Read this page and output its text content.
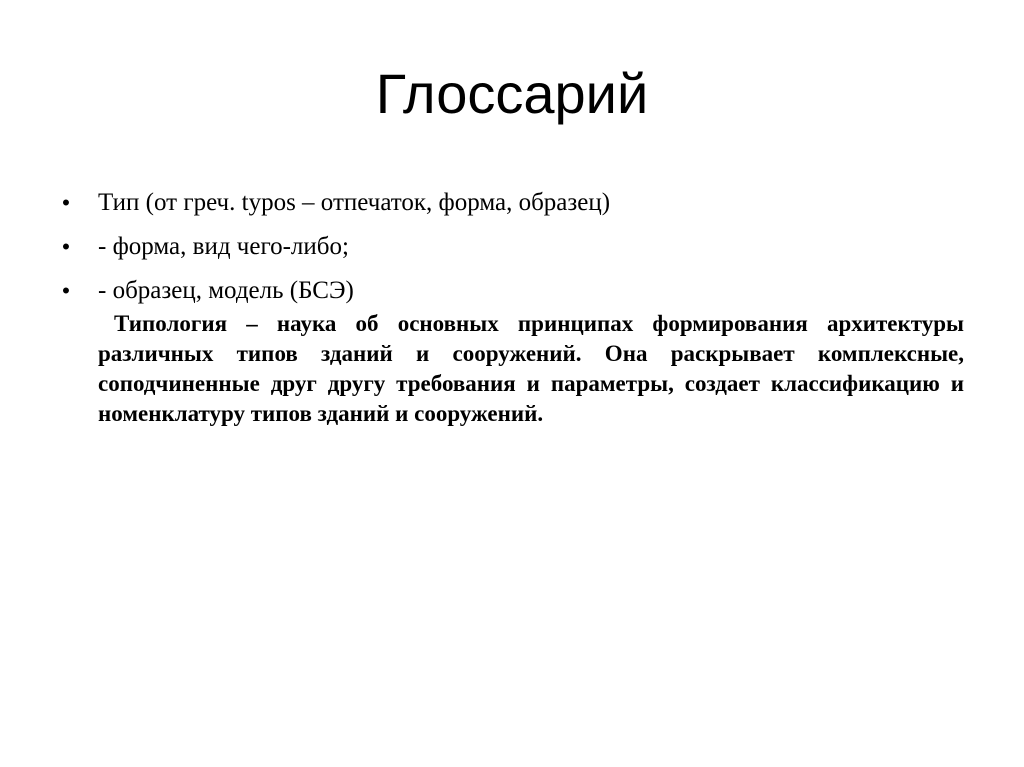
Глоссарий
• Тип (от греч. typos – отпечаток, форма, образец)
• - форма, вид чего-либо;
• - образец, модель (БСЭ)

Типология – наука об основных принципах формирования архитектуры различных типов зданий и сооружений. Она раскрывает комплексные, соподчиненные друг другу требования и параметры, создает классификацию и номенклатуру типов зданий и сооружений.
